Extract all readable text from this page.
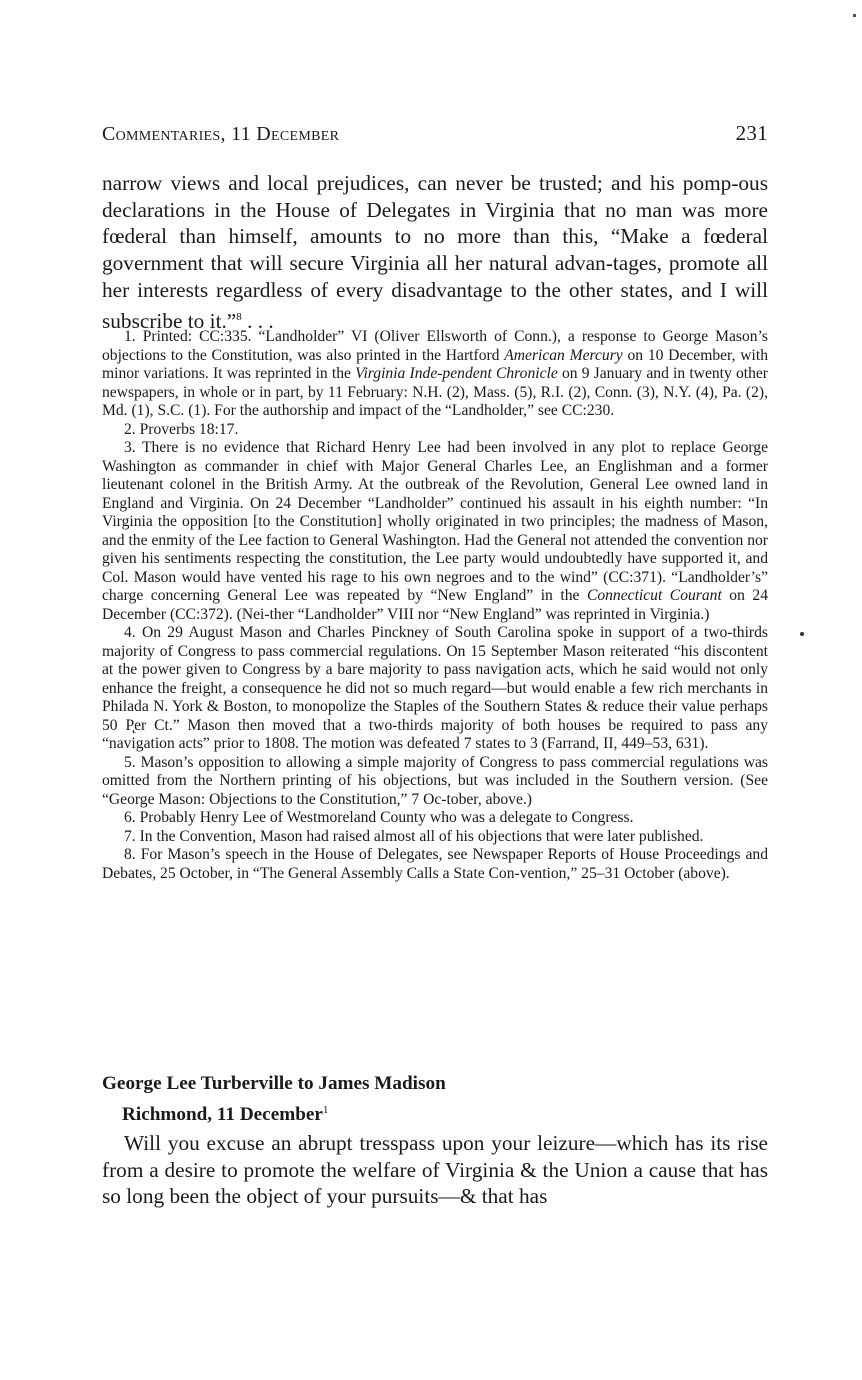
Commentaries, 11 December	231
narrow views and local prejudices, can never be trusted; and his pomp-ous declarations in the House of Delegates in Virginia that no man was more fœderal than himself, amounts to no more than this, “Make a fœderal government that will secure Virginia all her natural advan-tages, promote all her interests regardless of every disadvantage to the other states, and I will subscribe to it.”$^8$ . . .

1. Printed: CC:335. “Landholder” VI (Oliver Ellsworth of Conn.), a response to George Mason’s objections to the Constitution, was also printed in the Hartford American Mercury on 10 December, with minor variations. It was reprinted in the Virginia Inde-pendent Chronicle on 9 January and in twenty other newspapers, in whole or in part, by 11 February: N.H. (2), Mass. (5), R.I. (2), Conn. (3), N.Y. (4), Pa. (2), Md. (1), S.C. (1). For the authorship and impact of the “Landholder,” see CC:230.

2. Proverbs 18:17.

3. There is no evidence that Richard Henry Lee had been involved in any plot to replace George Washington as commander in chief with Major General Charles Lee, an Englishman and a former lieutenant colonel in the British Army. At the outbreak of the Revolution, General Lee owned land in England and Virginia. On 24 December “Landholder” continued his assault in his eighth number: “In Virginia the opposition [to the Constitution] wholly originated in two principles; the madness of Mason, and the enmity of the Lee faction to General Washington. Had the General not attended the convention nor given his sentiments respecting the constitution, the Lee party would undoubtedly have supported it, and Col. Mason would have vented his rage to his own negroes and to the wind” (CC:371). “Landholder’s” charge concerning General Lee was repeated by “New England” in the Connecticut Courant on 24 December (CC:372). (Nei-ther “Landholder” VIII nor “New England” was reprinted in Virginia.)

4. On 29 August Mason and Charles Pinckney of South Carolina spoke in support of a two-thirds majority of Congress to pass commercial regulations. On 15 September Mason reiterated “his discontent at the power given to Congress by a bare majority to pass navigation acts, which he said would not only enhance the freight, a consequence he did not so much regard—but would enable a few rich merchants in Philada N. York & Boston, to monopolize the Staples of the Southern States & reduce their value perhaps 50 P̨er Ct.” Mason then moved that a two-thirds majority of both houses be required to pass any “navigation acts” prior to 1808. The motion was defeated 7 states to 3 (Farrand, II, 449–53, 631).

5. Mason’s opposition to allowing a simple majority of Congress to pass commercial regulations was omitted from the Northern printing of his objections, but was included in the Southern version. (See “George Mason: Objections to the Constitution,” 7 Oc-tober, above.)

6. Probably Henry Lee of Westmoreland County who was a delegate to Congress.

7. In the Convention, Mason had raised almost all of his objections that were later published.

8. For Mason’s speech in the House of Delegates, see Newspaper Reports of House Proceedings and Debates, 25 October, in “The General Assembly Calls a State Con-vention,” 25–31 October (above).

George Lee Turberville to James Madison
Richmond, 11 December$^1$
Will you excuse an abrupt tresspass upon your leizure—which has its rise from a desire to promote the welfare of Virginia & the Union a cause that has so long been the object of your pursuits—& that has
